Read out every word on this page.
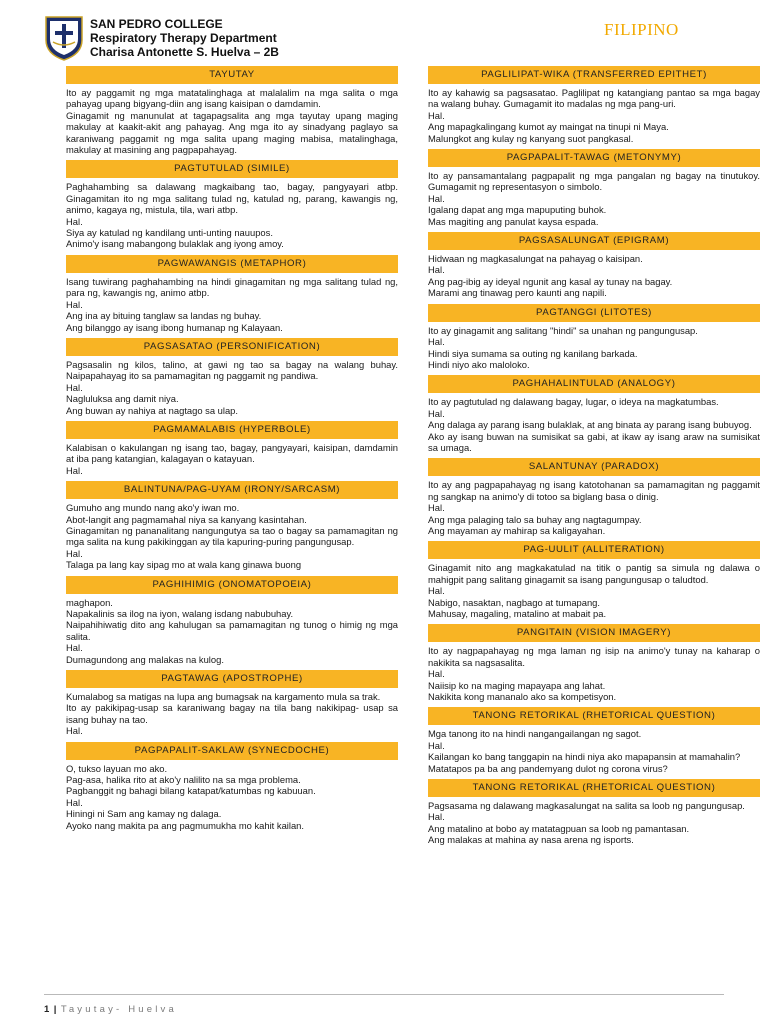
SAN PEDRO COLLEGE
Respiratory Therapy Department
Charisa Antonette S. Huelva – 2B
FILIPINO
TAYUTAY

Ito ay paggamit ng mga matatalinghaga at malalalim na mga salita o mga pahayag upang bigyang-diin ang isang kaisipan o damdamin.

Ginagamit ng manunulat at tagapagsalita ang mga tayutay upang maging makulay at kaakit-akit ang pahayag. Ang mga ito ay sinadyang paglayo sa karaniwang paggamit ng mga salita upang maging mabisa, matalinghaga, makulay at masining ang pagpapahayag.

PAGTUTULAD (SIMILE)

Paghahambing sa dalawang magkaibang tao, bagay, pangyayari atbp. Ginagamitan ito ng mga salitang tulad ng, katulad ng, parang, kawangis ng, animo, kagaya ng, mistula, tila, wari atbp.

Hal.

Siya ay katulad ng kandilang unti-unting nauupos.

Animo'y isang mabangong bulaklak ang iyong amoy.

PAGWAWANGIS (METAPHOR)

Isang tuwirang paghahambing na hindi ginagamitan ng mga salitang tulad ng, para ng, kawangis ng, animo atbp.

Hal.

Ang ina ay bituing tanglaw sa landas ng buhay.

Ang bilanggo ay isang ibong humanap ng Kalayaan.

PAGSASATAO (PERSONIFICATION)

Pagsasalin ng kilos, talino, at gawi ng tao sa bagay na walang buhay. Naipapahayag ito sa pamamagitan ng paggamit ng pandiwa.

Hal.

Nagluluksa ang damit niya.

Ang buwan ay nahiya at nagtago sa ulap.

PAGMAMALABIS (HYPERBOLE)

Kalabisan o kakulangan ng isang tao, bagay, pangyayari, kaisipan, damdamin at iba pang katangian, kalagayan o katayuan.

Hal.

BALINTUNA/PAG-UYAM (IRONY/SARCASM)

Gumuho ang mundo nang ako'y iwan mo.

Abot-langit ang pagmamahal niya sa kanyang kasintahan.

Ginagamitan ng pananalitang nangungutya sa tao o bagay sa pamamagitan ng mga salita na kung pakikinggan ay tila kapuring-puring pangungusap.

Hal.

Talaga pa lang kay sipag mo at wala kang ginawa buong

PAGHIHIMIG (ONOMATOPOEIA)

maghapon.

Napakalinis sa ilog na iyon, walang isdang nabubuhay.

Naipahihiwatig dito ang kahulugan sa pamamagitan ng tunog o himig ng mga salita.

Hal.

Dumagundong ang malakas na kulog.

PAGTAWAG (APOSTROPHE)

Kumalabog sa matigas na lupa ang bumagsak na kargamento mula sa trak.

Ito ay pakikipag-usap sa karaniwang bagay na tila bang nakikipag- usap sa isang buhay na tao.

Hal.

PAGPAPALIT-SAKLAW (SYNECDOCHE)

O, tukso layuan mo ako.

Pag-asa, halika rito at ako'y nalilito na sa mga problema.

Pagbanggit ng bahagi bilang katapat/katumbas ng kabuuan.

Hal.

Hiningi ni Sam ang kamay ng dalaga.

Ayoko nang makita pa ang pagmumukha mo kahit kailan.

PAGLILIPAT-WIKA (TRANSFERRED EPITHET)

Ito ay kahawig sa pagsasatao. Paglilipat ng katangiang pantao sa mga bagay na walang buhay. Gumagamit ito madalas ng mga pang-uri.

Hal.

Ang mapagkalingang kumot ay maingat na tinupi ni Maya.

Malungkot ang kulay ng kanyang suot pangkasal.

PAGPAPALIT-TAWAG (METONYMY)

Ito ay pansamantalang pagpapalit ng mga pangalan ng bagay na tinutukoy. Gumagamit ng representasyon o simbolo.

Hal.

Igalang dapat ang mga mapuputing buhok.

Mas magiting ang panulat kaysa espada.

PAGSASALUNGAT (EPIGRAM)

Hidwaan ng magkasalungat na pahayag o kaisipan.

Hal.

Ang pag-ibig ay ideyal ngunit ang kasal ay tunay na bagay.

Marami ang tinawag pero kaunti ang napili.

PAGTANGGI (LITOTES)

Ito ay ginagamit ang salitang "hindi" sa unahan ng pangungusap.

Hal.

Hindi siya sumama sa outing ng kanilang barkada.

Hindi niyo ako maloloko.

PAGHAHALINTULAD (ANALOGY)

Ito ay pagtutulad ng dalawang bagay, lugar, o ideya na magkatumbas.

Hal.

Ang dalaga ay parang isang bulaklak, at ang binata ay parang isang bubuyog.

Ako ay isang buwan na sumisikat sa gabi, at ikaw ay isang araw na sumisikat sa umaga.

SALANTUNAY (PARADOX)

Ito ay ang pagpapahayag ng isang katotohanan sa pamamagitan ng paggamit ng sangkap na animo'y di totoo sa biglang basa o dinig.

Hal.

Ang mga palaging talo sa buhay ang nagtagumpay.

Ang mayaman ay mahirap sa kaligayahan.

PAG-UULIT (ALLITERATION)

Ginagamit nito ang magkakatulad na titik o pantig sa simula ng dalawa o mahigpit pang salitang ginagamit sa isang pangungusap o taludtod.

Hal.

Nabigo, nasaktan, nagbago at tumapang.

Mahusay, magaling, matalino at mabait pa.

PANGITAIN (VISION IMAGERY)

Ito ay nagpapahayag ng mga laman ng isip na animo'y tunay na kaharap o nakikita sa nagsasalita.

Hal.

Naiisip ko na maging mapayapa ang lahat.

Nakikita kong mananalo ako sa kompetisyon.

TANONG RETORIKAL (RHETORICAL QUESTION)

Mga tanong ito na hindi nangangailangan ng sagot.

Hal.

Kailangan ko bang tanggapin na hindi niya ako mapapansin at mamahalin?

Matatapos pa ba ang pandemyang dulot ng corona virus?

TANONG RETORIKAL (RHETORICAL QUESTION)

Pagsasama ng dalawang magkasalungat na salita sa loob ng pangungusap.

Hal.

Ang matalino at bobo ay matatagpuan sa loob ng pamantasan.

Ang malakas at mahina ay nasa arena ng isports.

1 | Tayutay- Huelva
